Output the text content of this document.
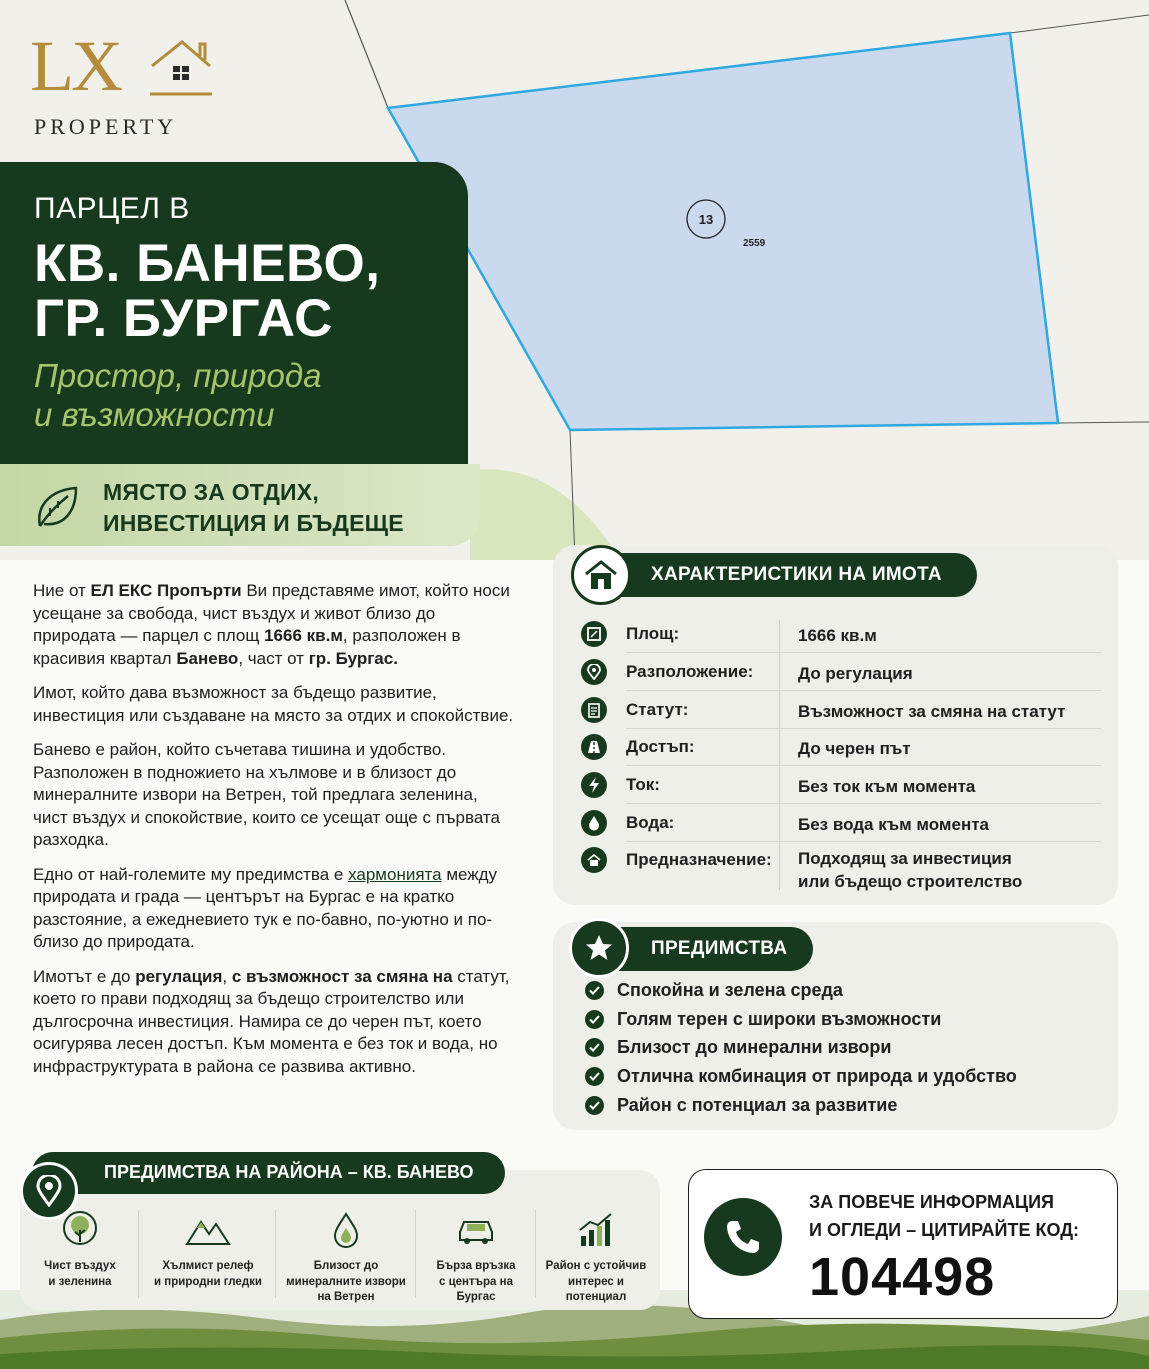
13
2559
LX
PROPERTY
ПАРЦЕЛ В
КВ. БАНЕВО,
ГР. БУРГАС
Простор, природа
и възможности
МЯСТО ЗА ОТДИХ,
ИНВЕСТИЦИЯ И БЪДЕЩЕ

Ние от ЕЛ ЕКС Пропърти Ви представяме имот, който носи усещане за свобода, чист въздух и живот близо до природата — парцел с площ 1666 кв.м, разположен в красивия квартал Банево, част от гр. Бургас.

Имот, който дава възможност за бъдещо развитие, инвестиция или създаване на място за отдих и спокойствие.

Банево е район, който съчетава тишина и удобство. Разположен в подножието на хълмове и в близост до минералните извори на Ветрен, той предлага зеленина, чист въздух и спокойствие, които се усещат още с първата разходка.

Едно от най-големите му предимства е хармонията между природата и града — центърът на Бургас е на кратко разстояние, а ежедневието тук е по-бавно, по-уютно и по-близо до природата.

Имотът е до регулация, с възможност за смяна на статут, което го прави подходящ за бъдещо строителство или дългосрочна инвестиция. Намира се до черен път, което осигурява лесен достъп. Към момента е без ток и вода, но инфраструктурата в района се развива активно.

ХАРАКТЕРИСТИКИ НА ИМОТА
Площ:	1666 кв.м
Разположение:	До регулация
Статут:	Възможност за смяна на статут
Достъп:	До черен път
Ток:	Без ток към момента
Вода:	Без вода към момента
Предназначение: Подходящ за инвестиция
или бъдещо строителство
ПРЕДИМСТВА
Спокойна и зелена среда
Голям терен с широки възможности
Близост до минерални извори
Отлична комбинация от природа и удобство
Район с потенциал за развитие
ПРЕДИМСТВА НА РАЙОНА – КВ. БАНЕВО
Чист въздух
и зеленина
Хълмист релеф
и природни гледки
Близост до
минералните извори
на Ветрен
Бърза връзка
с центъра на
Бургас
Район с устойчив
интерес и
потенциал
ЗА ПОВЕЧЕ ИНФОРМАЦИЯ
И ОГЛЕДИ – ЦИТИРАЙТЕ КОД:
104498
